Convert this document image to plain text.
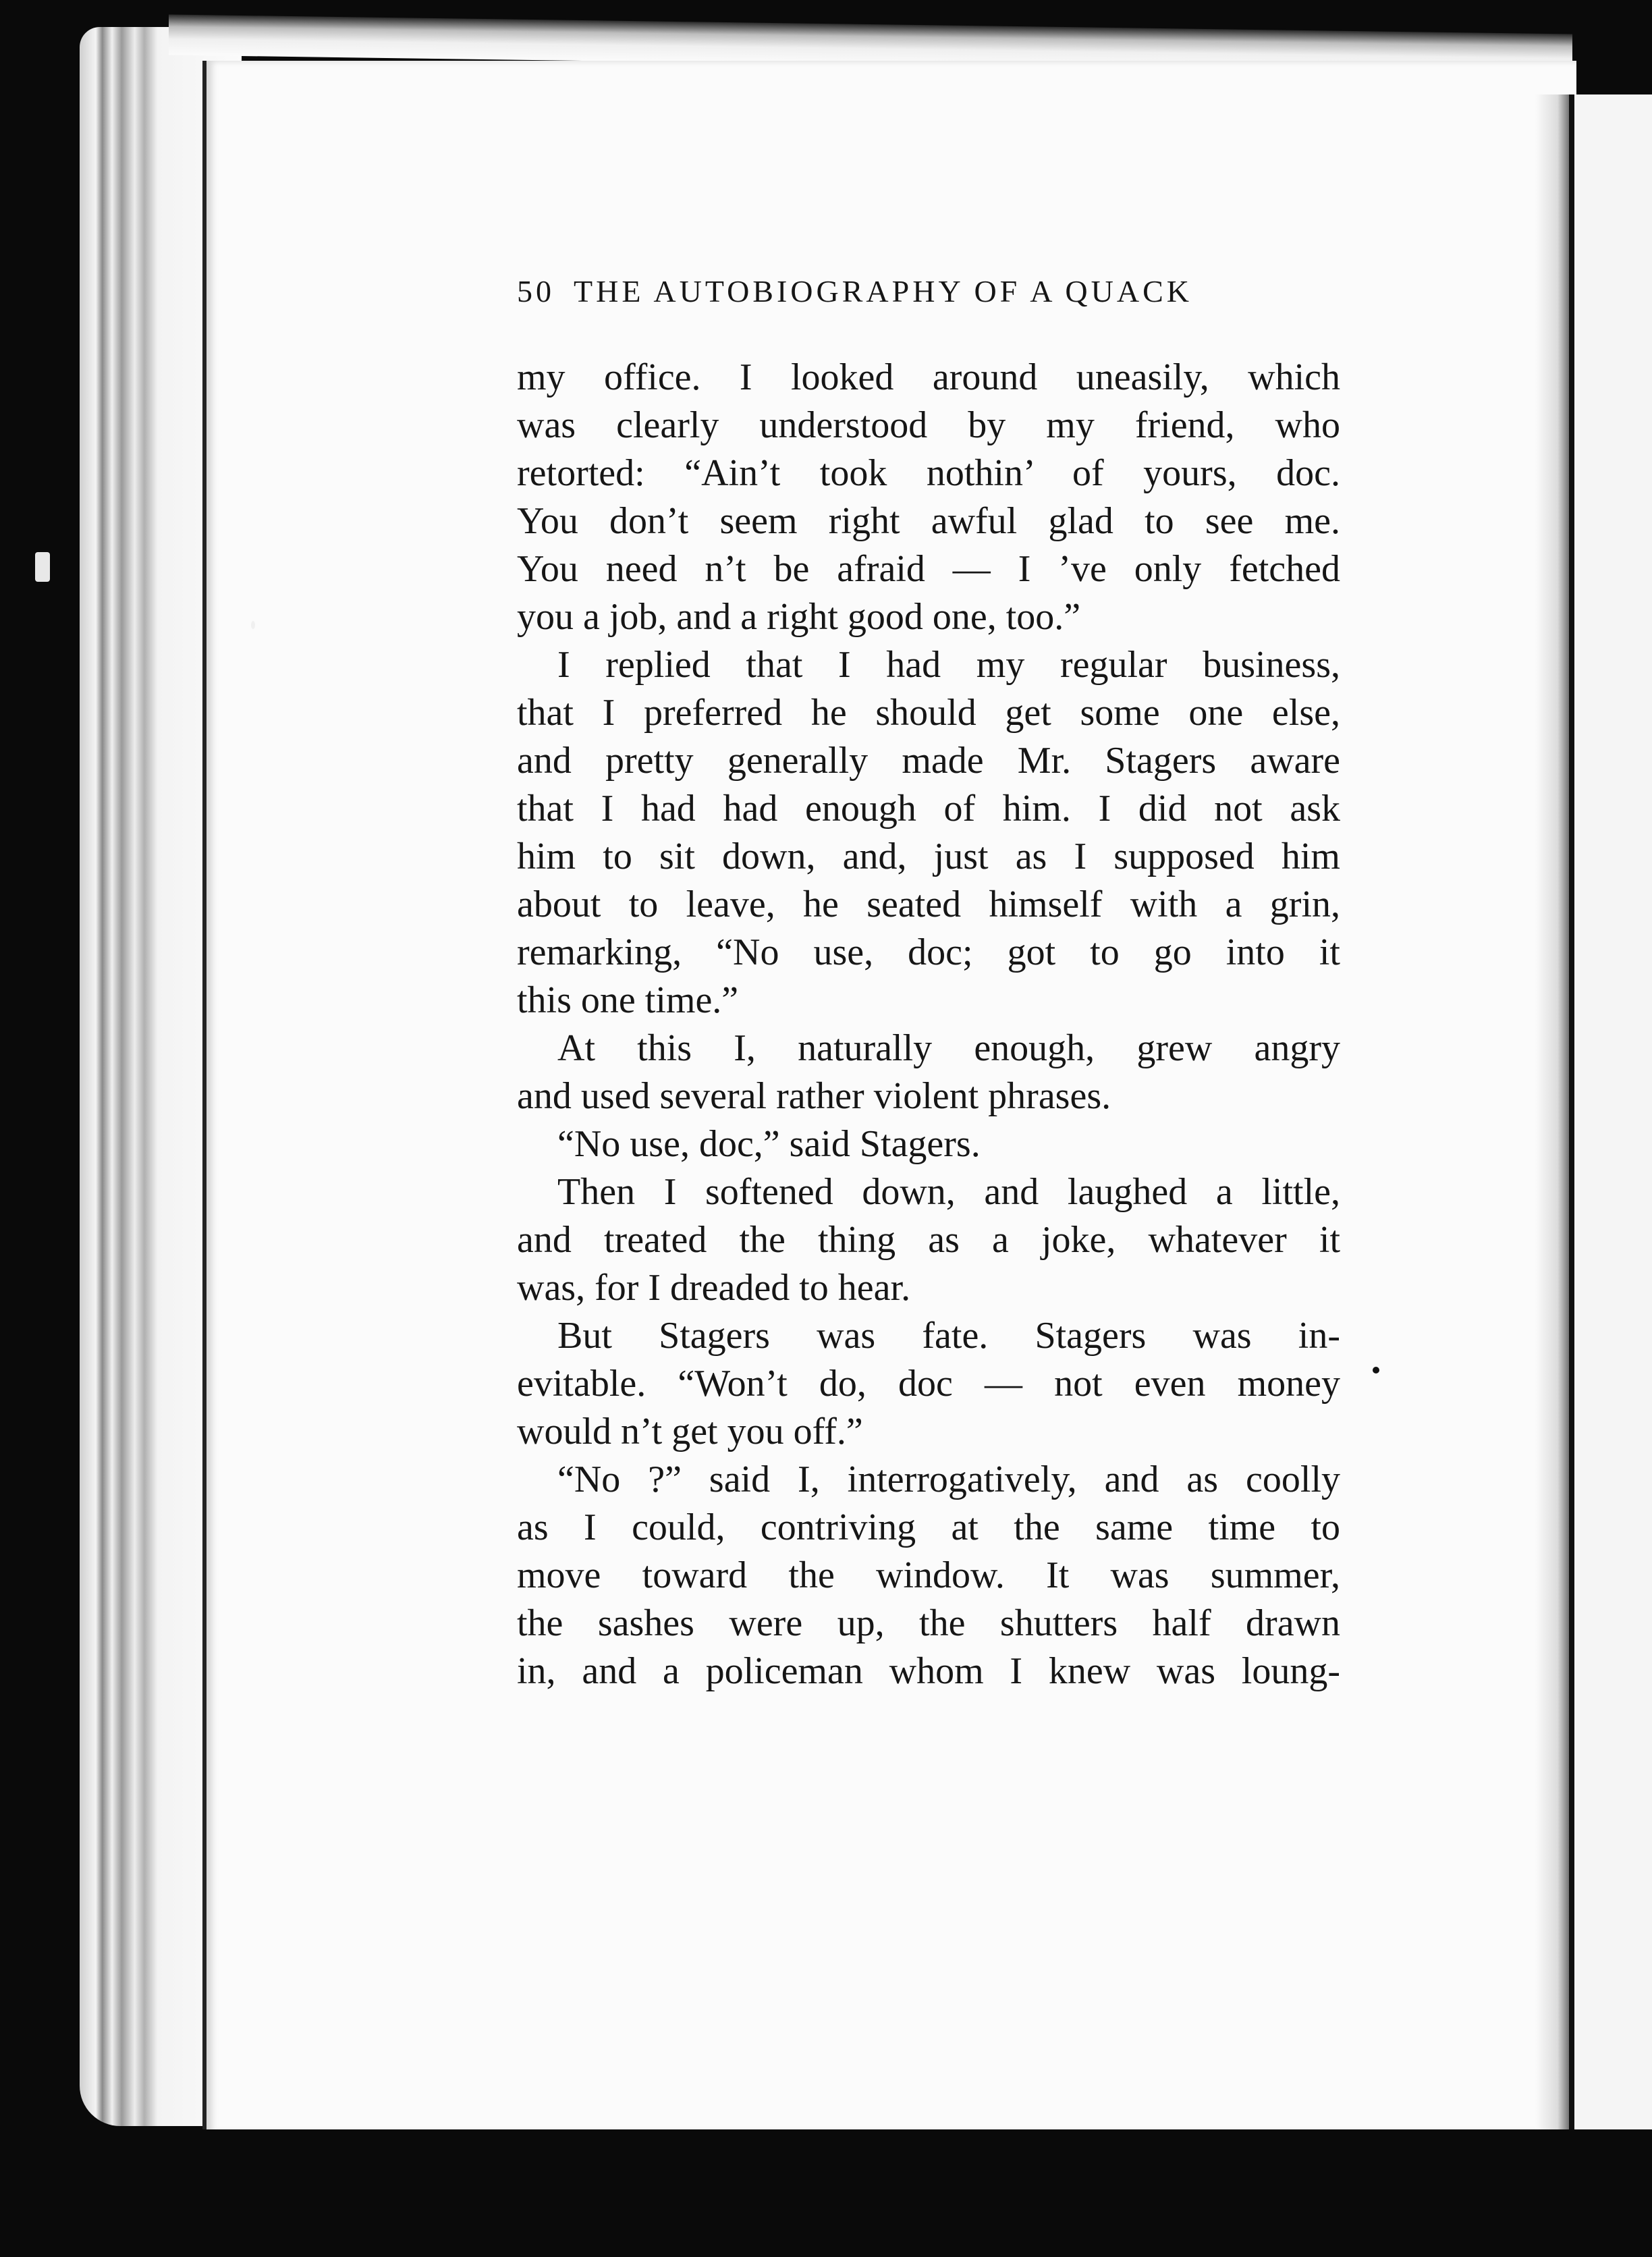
50 THE AUTOBIOGRAPHY OF A QUACK
my office. I looked around uneasily, which
was clearly understood by my friend, who
retorted: “Ain’t took nothin’ of yours, doc.
You don’t seem right awful glad to see me.
You need n’t be afraid — I ’ve only fetched
you a job, and a right good one, too.”
I replied that I had my regular business,
that I preferred he should get some one else,
and pretty generally made Mr. Stagers aware
that I had had enough of him. I did not ask
him to sit down, and, just as I supposed him
about to leave, he seated himself with a grin,
remarking, “No use, doc; got to go into it
this one time.”
At this I, naturally enough, grew angry
and used several rather violent phrases.
“No use, doc,” said Stagers.
Then I softened down, and laughed a little,
and treated the thing as a joke, whatever it
was, for I dreaded to hear.
But Stagers was fate. Stagers was in-
evitable. “Won’t do, doc — not even money
would n’t get you off.”
“No ?” said I, interrogatively, and as coolly
as I could, contriving at the same time to
move toward the window. It was summer,
the sashes were up, the shutters half drawn
in, and a policeman whom I knew was loung-
